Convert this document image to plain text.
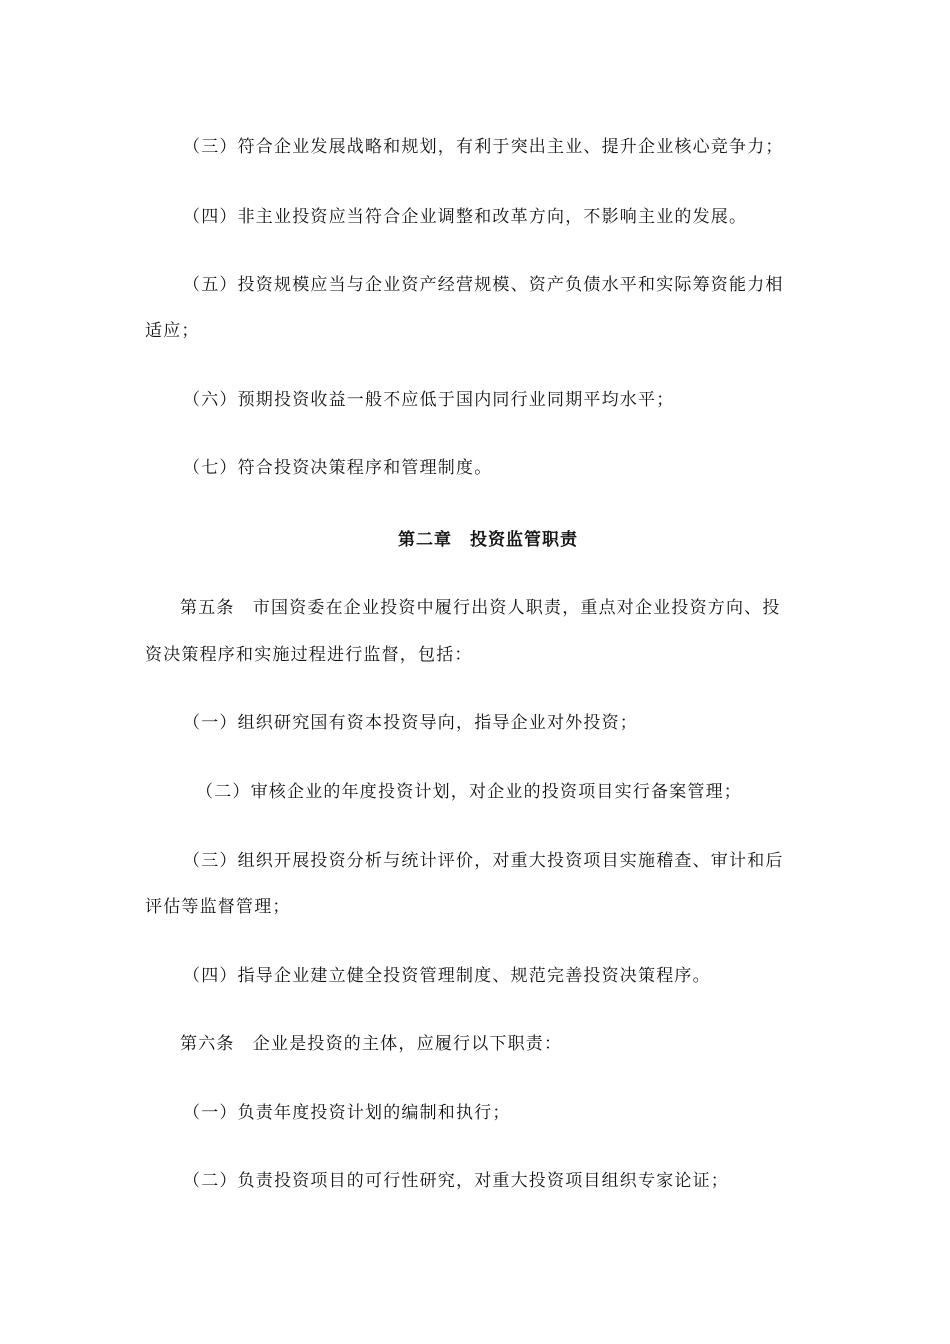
（三）符合企业发展战略和规划，有利于突出主业、提升企业核心竞争力；
（四）非主业投资应当符合企业调整和改革方向，不影响主业的发展。
（五）投资规模应当与企业资产经营规模、资产负债水平和实际筹资能力相
适应；
（六）预期投资收益一般不应低于国内同行业同期平均水平；
（七）符合投资决策程序和管理制度。
第二章　投资监管职责
第五条　市国资委在企业投资中履行出资人职责，重点对企业投资方向、投
资决策程序和实施过程进行监督，包括：
（一）组织研究国有资本投资导向，指导企业对外投资；
（二）审核企业的年度投资计划，对企业的投资项目实行备案管理；
（三）组织开展投资分析与统计评价，对重大投资项目实施稽查、审计和后
评估等监督管理；
（四）指导企业建立健全投资管理制度、规范完善投资决策程序。
第六条　企业是投资的主体，应履行以下职责：
（一）负责年度投资计划的编制和执行；
（二）负责投资项目的可行性研究，对重大投资项目组织专家论证；
